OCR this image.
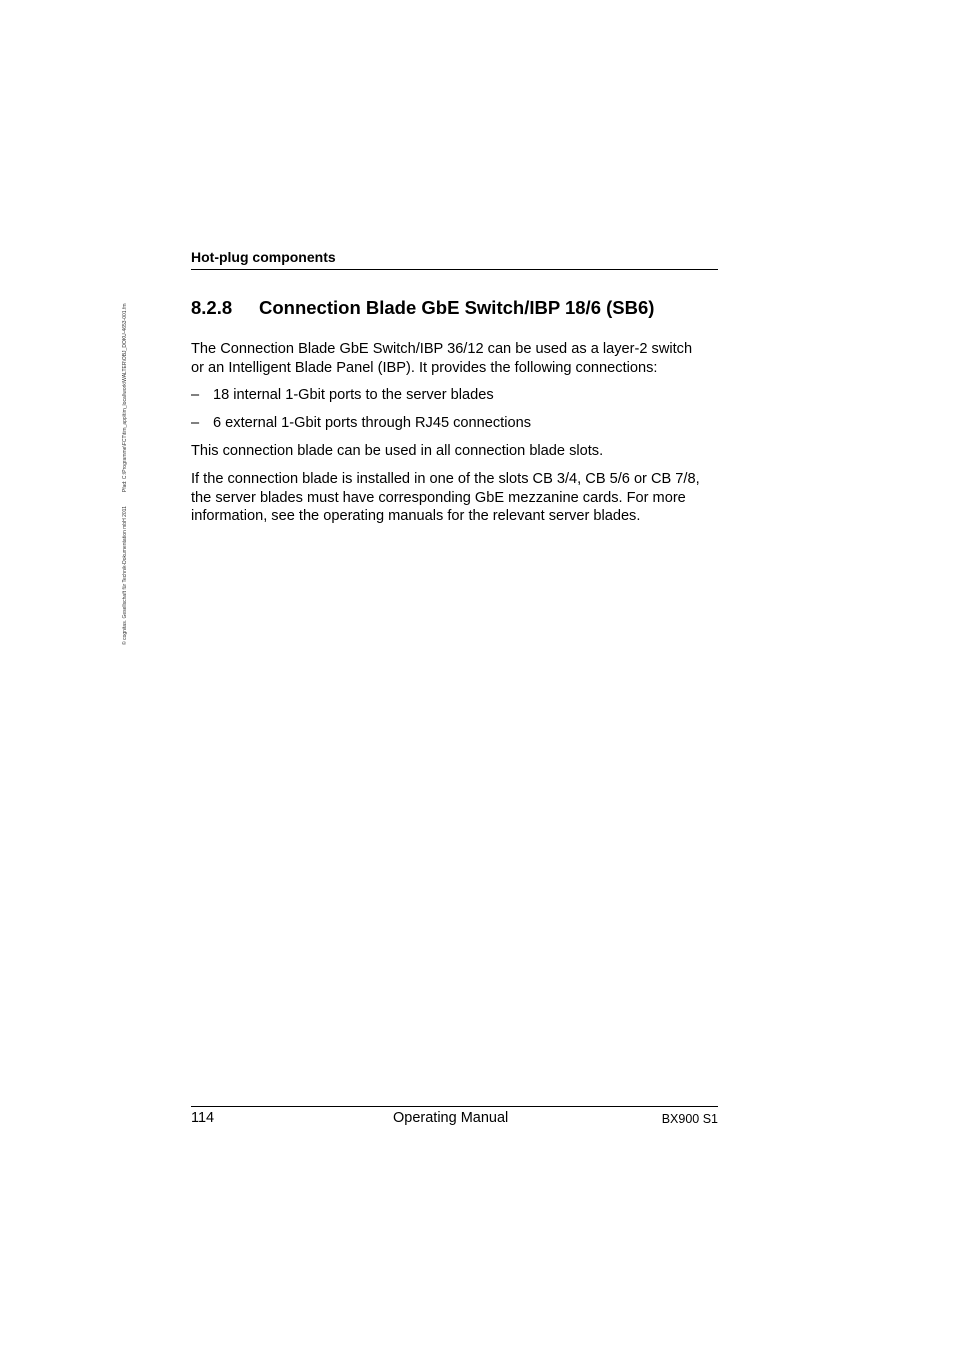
© cognitas. Gesellschaft für Technik-Dokumentation mbH 2011
Pfad: C:\Programme\FCT\tim_app\tim_local\work\WALTER\OBJ_DOKU-4653-001.fm
Hot-plug components
8.2.8 Connection Blade GbE Switch/IBP 18/6 (SB6)
The Connection Blade GbE Switch/IBP 36/12 can be used as a layer-2 switch
or an Intelligent Blade Panel (IBP). It provides the following connections:
– 18 internal 1-Gbit ports to the server blades
– 6 external 1-Gbit ports through RJ45 connections
This connection blade can be used in all connection blade slots.
If the connection blade is installed in one of the slots CB 3/4, CB 5/6 or CB 7/8,
the server blades must have corresponding GbE mezzanine cards. For more
information, see the operating manuals for the relevant server blades.
114	Operating Manual	BX900 S1
